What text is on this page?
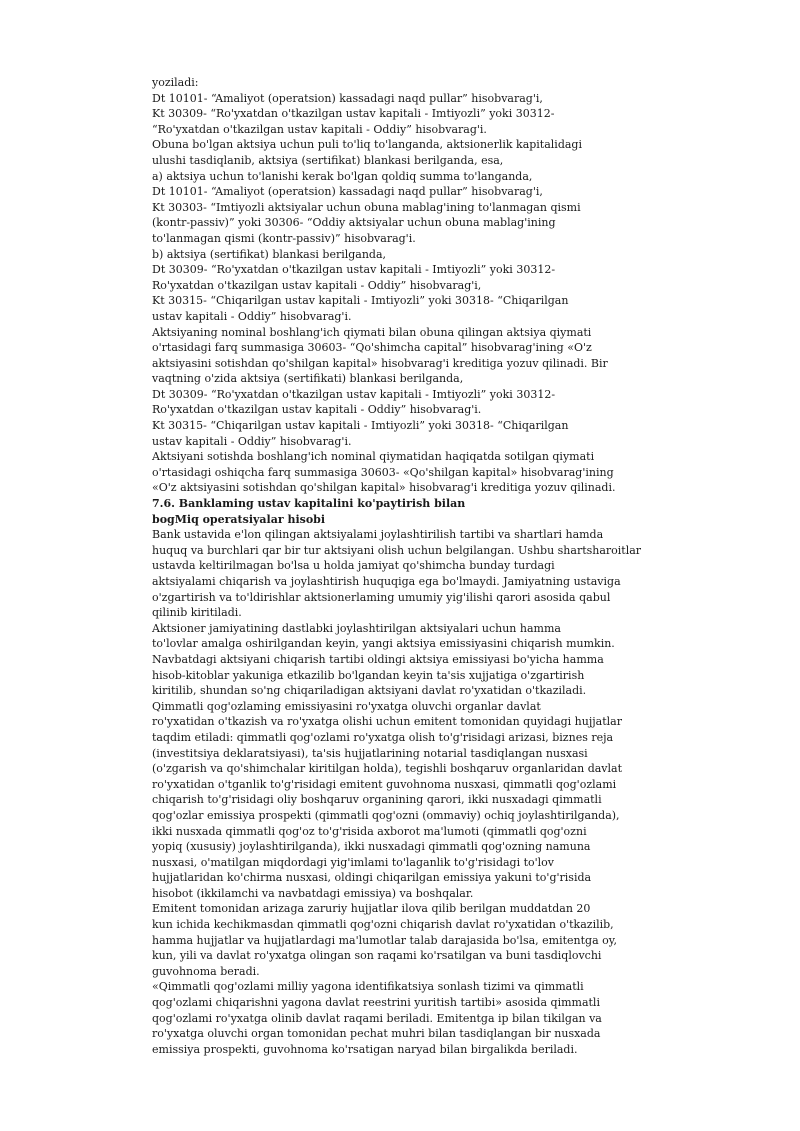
yoziladi:
Dt 10101- “Amaliyot (operatsion) kassadagi naqd pullar” hisobvarag'i,
Kt 30309- “Ro'yxatdan o'tkazilgan ustav kapitali - Imtiyozli” yoki 30312-
“Ro'yxatdan o'tkazilgan ustav kapitali - Oddiy” hisobvarag'i.
Obuna bo'lgan aktsiya uchun puli to'liq to'langanda, aktsionerlik kapitalidagi
ulushi tasdiqlanib, aktsiya (sertifikat) blankasi berilganda, esa,
a) aktsiya uchun to'lanishi kerak bo'lgan qoldiq summa to'langanda,
Dt 10101- “Amaliyot (operatsion) kassadagi naqd pullar” hisobvarag'i,
Kt 30303- “Imtiyozli aktsiyalar uchun obuna mablag'ining to'lanmagan qismi
(kontr-passiv)” yoki 30306- “Oddiy aktsiyalar uchun obuna mablag'ining
to'lanmagan qismi (kontr-passiv)” hisobvarag'i.
b) aktsiya (sertifikat) blankasi berilganda,
Dt 30309- “Ro'yxatdan o'tkazilgan ustav kapitali - Imtiyozli” yoki 30312-
Ro'yxatdan o'tkazilgan ustav kapitali - Oddiy” hisobvarag'i,
Kt 30315- “Chiqarilgan ustav kapitali - Imtiyozli” yoki 30318- “Chiqarilgan
ustav kapitali - Oddiy” hisobvarag'i.
Aktsiyaning nominal boshlang'ich qiymati bilan obuna qilingan aktsiya qiymati
o'rtasidagi farq summasiga 30603- “Qo'shimcha capital” hisobvarag'ining «O'z
aktsiyasini sotishdan qo'shilgan kapital» hisobvarag'i kreditiga yozuv qilinadi. Bir
vaqtning o'zida aktsiya (sertifikati) blankasi berilganda,
Dt 30309- “Ro'yxatdan o'tkazilgan ustav kapitali - Imtiyozli” yoki 30312-
Ro'yxatdan o'tkazilgan ustav kapitali - Oddiy” hisobvarag'i.
Kt 30315- “Chiqarilgan ustav kapitali - Imtiyozli” yoki 30318- “Chiqarilgan
ustav kapitali - Oddiy” hisobvarag'i.
Aktsiyani sotishda boshlang'ich nominal qiymatidan haqiqatda sotilgan qiymati
o'rtasidagi oshiqcha farq summasiga 30603- «Qo'shilgan kapital» hisobvarag'ining
«O'z aktsiyasini sotishdan qo'shilgan kapital» hisobvarag'i kreditiga yozuv qilinadi.
7.6. Banklaming ustav kapitalini ko'paytirish bilan
bogMiq operatsiyalar hisobi
Bank ustavida e'lon qilingan aktsiyalami joylashtirilish tartibi va shartlari hamda
huquq va burchlari qar bir tur aktsiyani olish uchun belgilangan. Ushbu shartsharoitlar
ustavda keltirilmagan bo'lsa u holda jamiyat qo'shimcha bunday turdagi
aktsiyalami chiqarish va joylashtirish huquqiga ega bo'lmaydi. Jamiyatning ustaviga
o'zgartirish va to'ldirishlar aktsionerlaming umumiy yig'ilishi qarori asosida qabul
qilinib kiritiladi.
Aktsioner jamiyatining dastlabki joylashtirilgan aktsiyalari uchun hamma
to'lovlar amalga oshirilgandan keyin, yangi aktsiya emissiyasini chiqarish mumkin.
Navbatdagi aktsiyani chiqarish tartibi oldingi aktsiya emissiyasi bo'yicha hamma
hisob-kitoblar yakuniga etkazilib bo'lgandan keyin ta'sis xujjatiga o'zgartirish
kiritilib, shundan so'ng chiqariladigan aktsiyani davlat ro'yxatidan o'tkaziladi.
Qimmatli qog'ozlaming emissiyasini ro'yxatga oluvchi organlar davlat
ro'yxatidan o'tkazish va ro'yxatga olishi uchun emitent tomonidan quyidagi hujjatlar
taqdim etiladi: qimmatli qog'ozlami ro'yxatga olish to'g'risidagi arizasi, biznes reja
(investitsiya deklaratsiyasi), ta'sis hujjatlarining notarial tasdiqlangan nusxasi
(o'zgarish va qo'shimchalar kiritilgan holda), tegishli boshqaruv organlaridan davlat
ro'yxatidan o'tganlik to'g'risidagi emitent guvohnoma nusxasi, qimmatli qog'ozlami
chiqarish to'g'risidagi oliy boshqaruv organining qarori, ikki nusxadagi qimmatli
qog'ozlar emissiya prospekti (qimmatli qog'ozni (ommaviy) ochiq joylashtirilganda),
ikki nusxada qimmatli qog'oz to'g'risida axborot ma'lumoti (qimmatli qog'ozni
yopiq (xususiy) joylashtirilganda), ikki nusxadagi qimmatli qog'ozning namuna
nusxasi, o'matilgan miqdordagi yig'imlami to'laganlik to'g'risidagi to'lov
hujjatlaridan ko'chirma nusxasi, oldingi chiqarilgan emissiya yakuni to'g'risida
hisobot (ikkilamchi va navbatdagi emissiya) va boshqalar.
Emitent tomonidan arizaga zaruriy hujjatlar ilova qilib berilgan muddatdan 20
kun ichida kechikmasdan qimmatli qog'ozni chiqarish davlat ro'yxatidan o'tkazilib,
hamma hujjatlar va hujjatlardagi ma'lumotlar talab darajasida bo'lsa, emitentga oy,
kun, yili va davlat ro'yxatga olingan son raqami ko'rsatilgan va buni tasdiqlovchi
guvohnoma beradi.
«Qimmatli qog'ozlami milliy yagona identifikatsiya sonlash tizimi va qimmatli
qog'ozlami chiqarishni yagona davlat reestrini yuritish tartibi» asosida qimmatli
qog'ozlami ro'yxatga olinib davlat raqami beriladi. Emitentga ip bilan tikilgan va
ro'yxatga oluvchi organ tomonidan pechat muhri bilan tasdiqlangan bir nusxada
emissiya prospekti, guvohnoma ko'rsatigan naryad bilan birgalikda beriladi.
